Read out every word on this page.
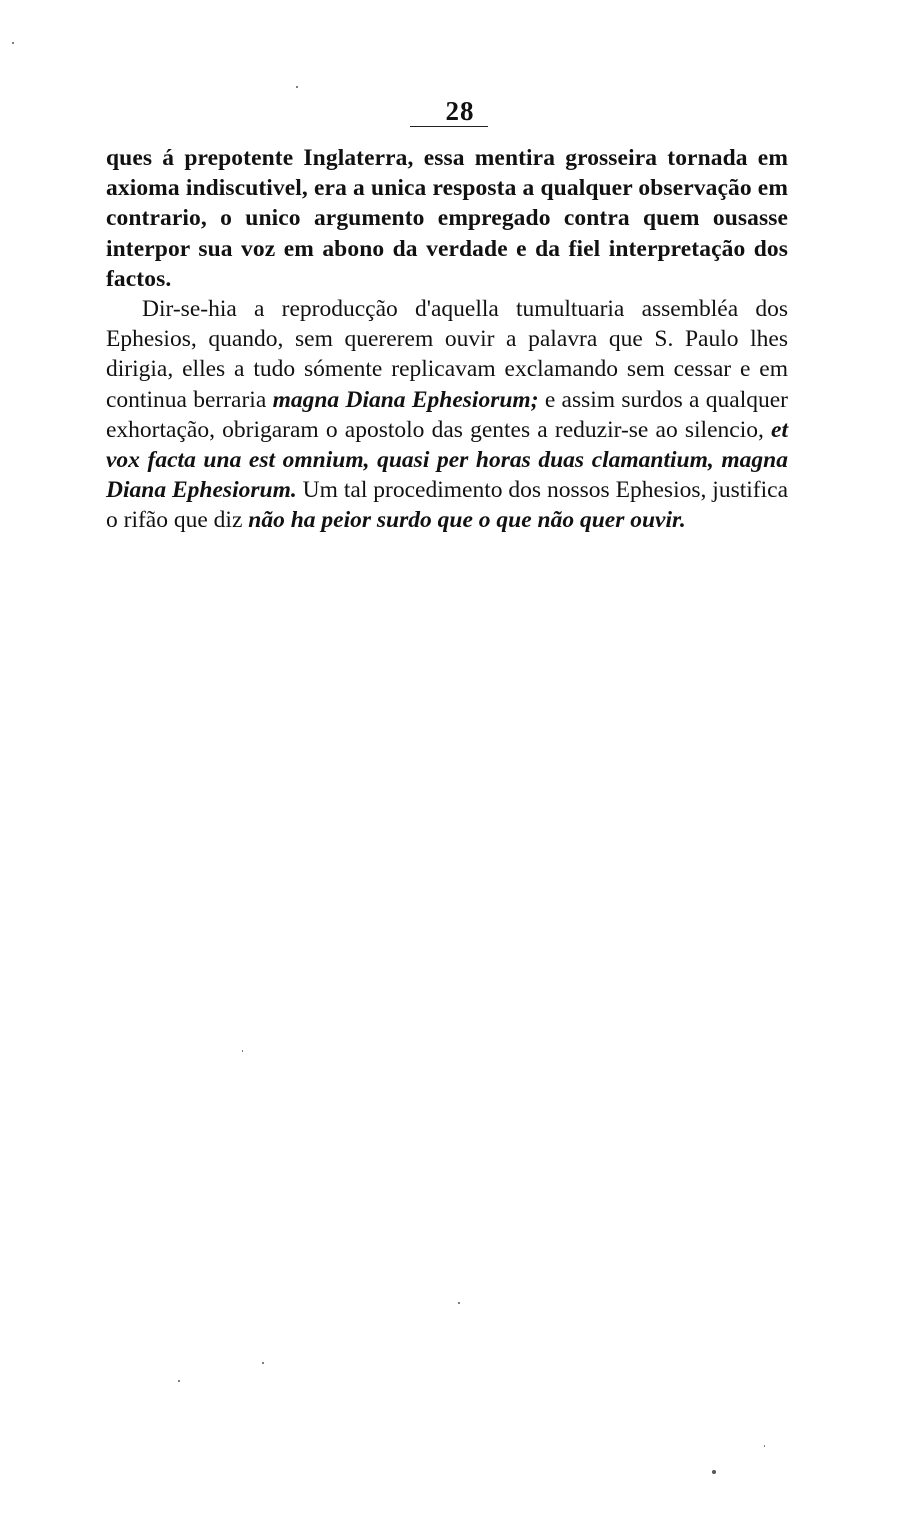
28

ques á prepotente Inglaterra, essa mentira grosseira tornada em axioma indiscutivel, era a unica resposta a qualquer observação em contrario, o unico argumento empregado contra quem ousasse interpor sua voz em abono da verdade e da fiel interpretação dos factos.

Dir-se-hia a reproducção d'aquella tumultuaria assembléa dos Ephesios, quando, sem quererem ouvir a palavra que S. Paulo lhes dirigia, elles a tudo sómente replicavam exclamando sem cessar e em continua berraria magna Diana Ephesiorum; e assim surdos a qualquer exhortação, obrigaram o apostolo das gentes a reduzir-se ao silencio, et vox facta una est omnium, quasi per horas duas clamantium, magna Diana Ephesiorum. Um tal procedimento dos nossos Ephesios, justifica o rifão que diz não ha peior surdo que o que não quer ouvir.
